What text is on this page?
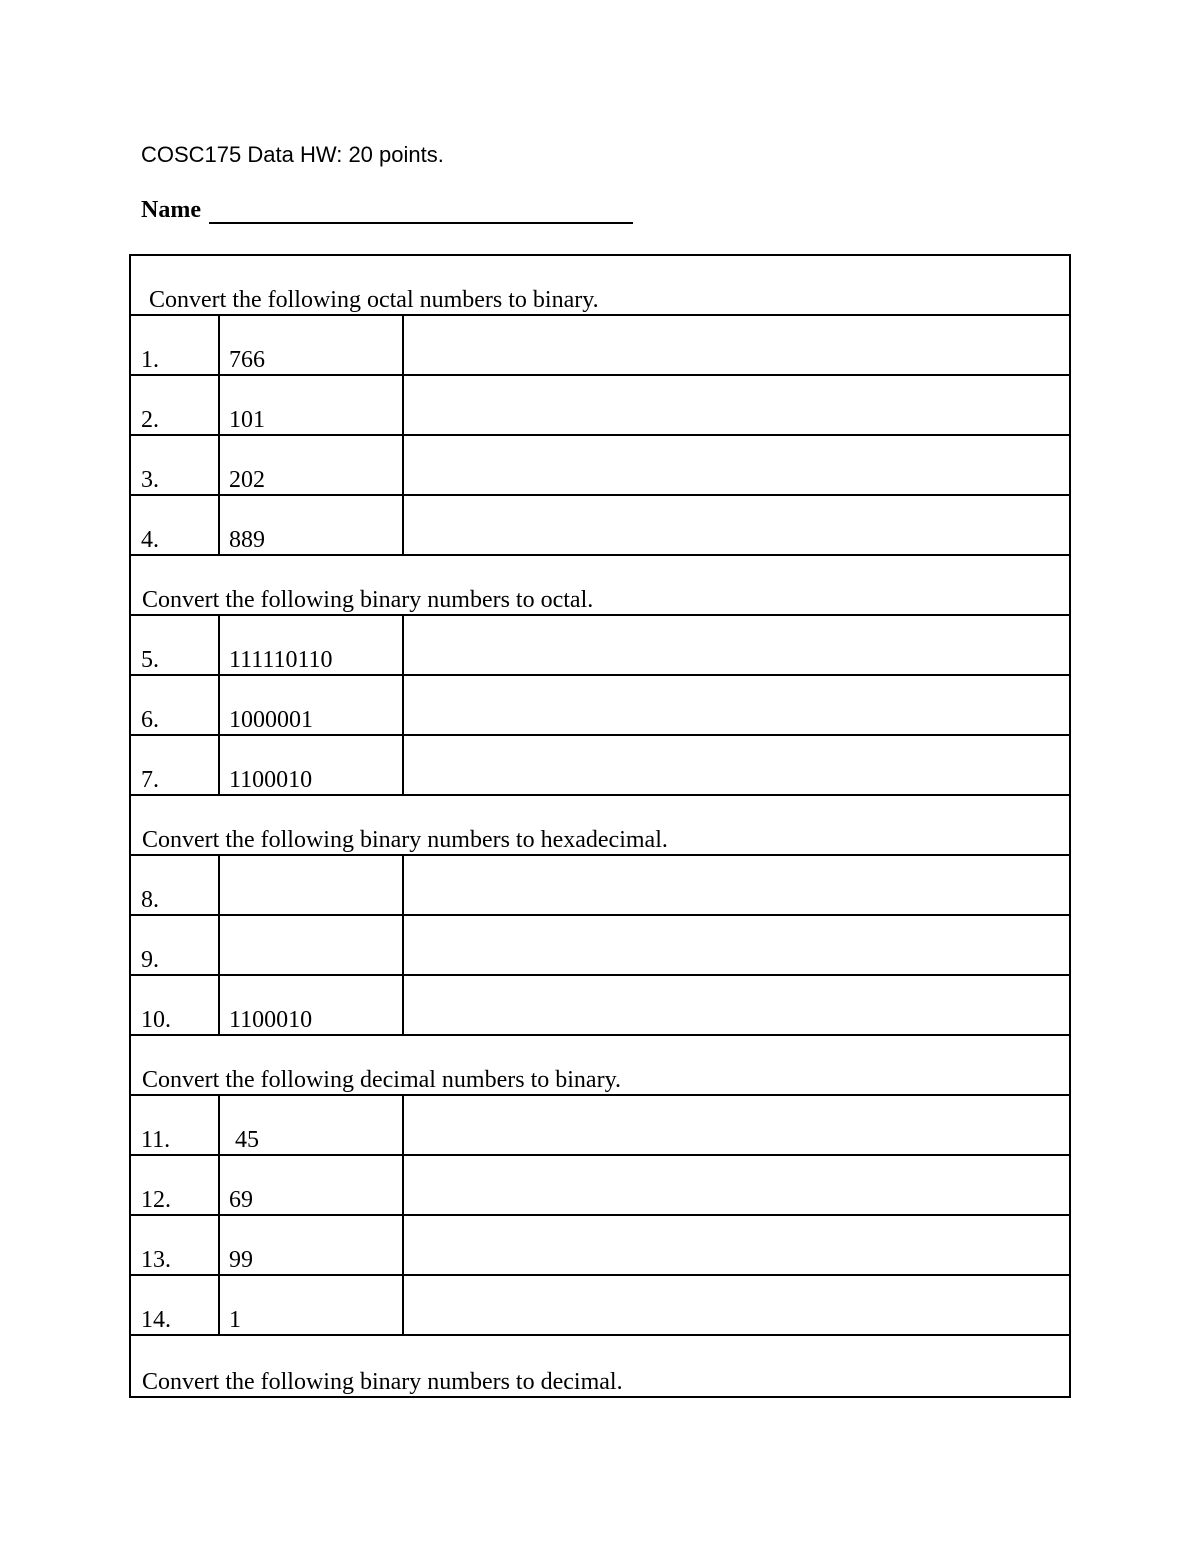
COSC175 Data HW: 20 points.
Name
Convert the following octal numbers to binary.
1.	766
2.	101
3.	202
4.	889
Convert the following binary numbers to octal.
5.	111110110
6.	1000001
7.	1100010
Convert the following binary numbers to hexadecimal.
8.
9.
10. 1100010
Convert the following decimal numbers to binary.
11. 45
12. 69
13. 99
14. 1
Convert the following binary numbers to decimal.
